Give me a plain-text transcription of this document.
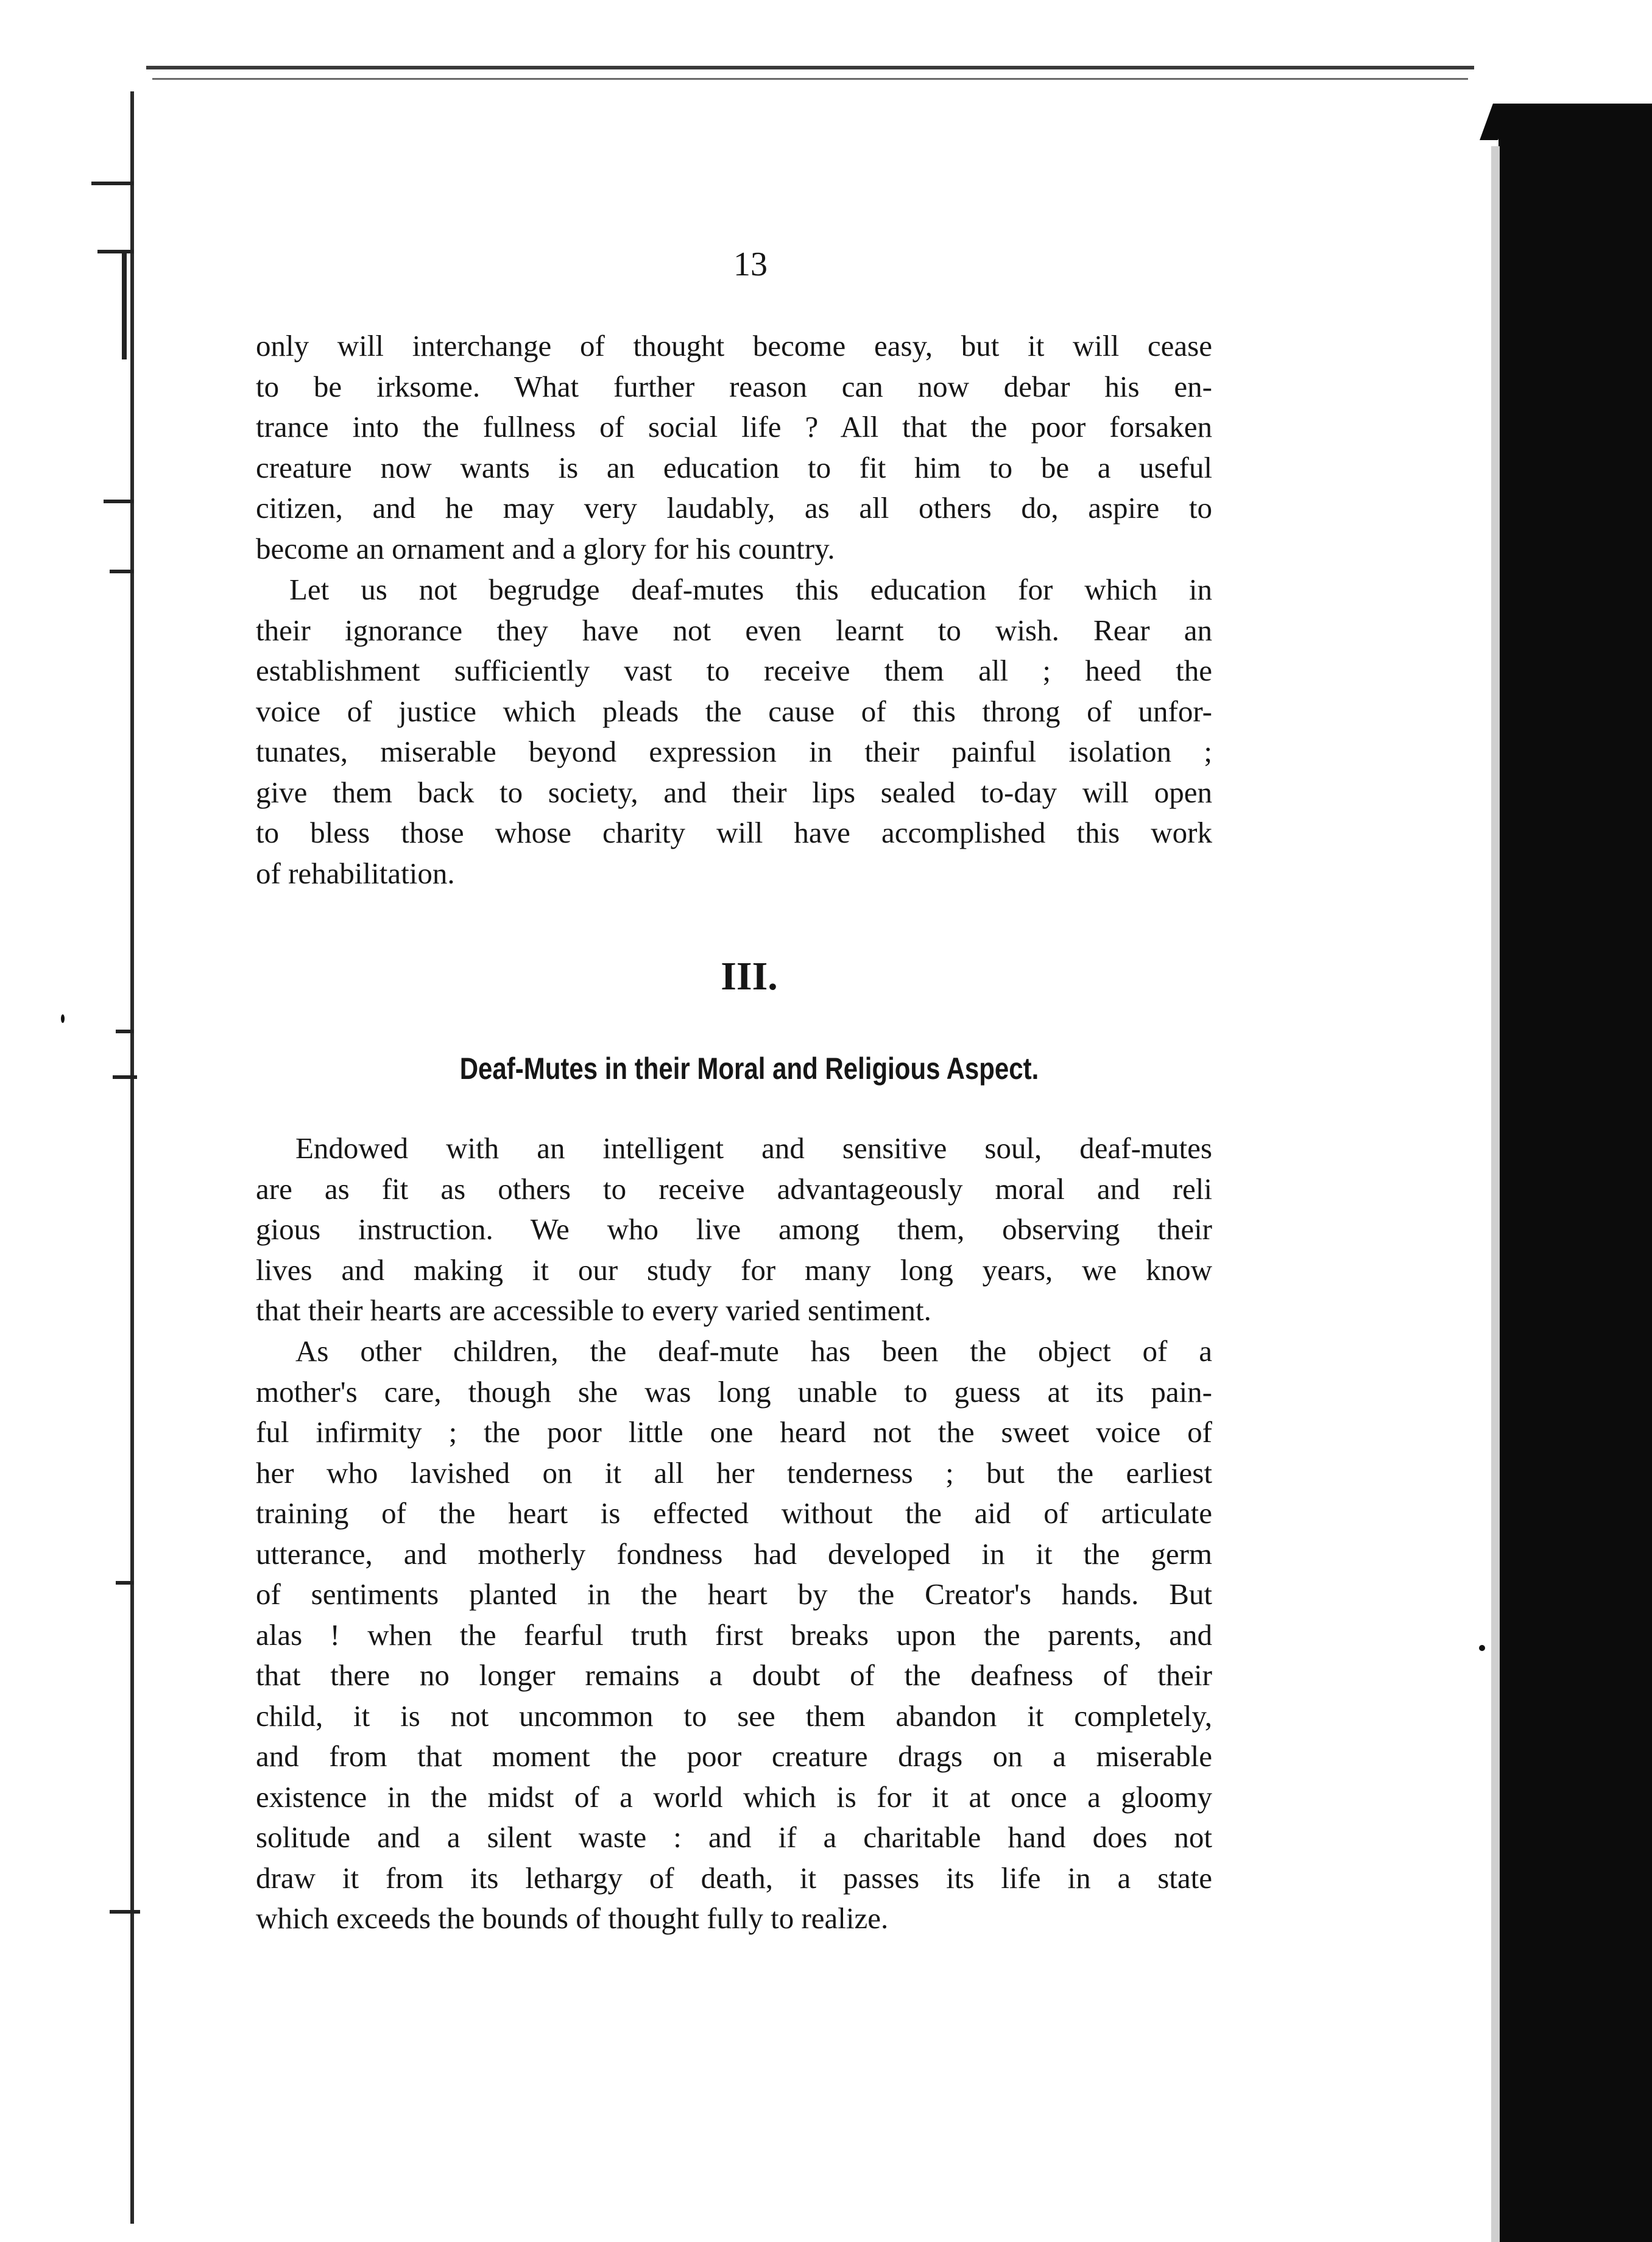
13
only will interchange of thought become easy, but it will cease
to be irksome. What further reason can now debar his en-
trance into the fullness of social life ? All that the poor forsaken
creature now wants is an education to fit him to be a useful
citizen, and he may very laudably, as all others do, aspire to
become an ornament and a glory for his country.
Let us not begrudge deaf-mutes this education for which in
their ignorance they have not even learnt to wish. Rear an
establishment sufficiently vast to receive them all ; heed the
voice of justice which pleads the cause of this throng of unfor-
tunates, miserable beyond expression in their painful isolation ;
give them back to society, and their lips sealed to-day will open
to bless those whose charity will have accomplished this work
of rehabilitation.
III.
Deaf-Mutes in their Moral and Religious Aspect.
Endowed with an intelligent and sensitive soul, deaf-mutes
are as fit as others to receive advantageously moral and reli
gious instruction. We who live among them, observing their
lives and making it our study for many long years, we know
that their hearts are accessible to every varied sentiment.
As other children, the deaf-mute has been the object of a
mother's care, though she was long unable to guess at its pain-
ful infirmity ; the poor little one heard not the sweet voice of
her who lavished on it all her tenderness ; but the earliest
training of the heart is effected without the aid of articulate
utterance, and motherly fondness had developed in it the germ
of sentiments planted in the heart by the Creator's hands. But
alas ! when the fearful truth first breaks upon the parents, and
that there no longer remains a doubt of the deafness of their
child, it is not uncommon to see them abandon it completely,
and from that moment the poor creature drags on a miserable
existence in the midst of a world which is for it at once a gloomy
solitude and a silent waste : and if a charitable hand does not
draw it from its lethargy of death, it passes its life in a state
which exceeds the bounds of thought fully to realize.
